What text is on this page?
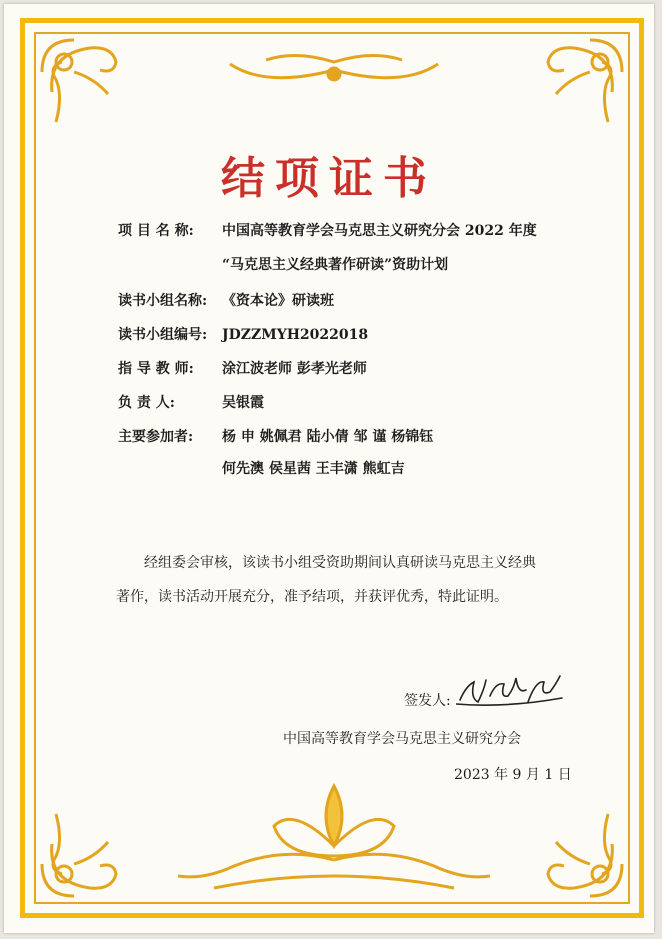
结项证书
项 目 名 称: 中国高等教育学会马克思主义研究分会 2022 年度
“马克思主义经典著作研读”资助计划
读书小组名称: 《资本论》研读班
读书小组编号: JDZZMYH2022018
指 导 教 师: 涂江波老师 彭孝光老师
负 责 人:	吴银霞
主要参加者: 杨 申 姚佩君 陆小倩 邹 谨 杨锦钰
何先澳 侯星茜 王丰潇 熊虹吉
经组委会审核，该读书小组受资助期间认真研读马克思主义经典
著作，读书活动开展充分，准予结项，并获评优秀，特此证明。
签发人:
中国高等教育学会马克思主义研究分会
2023 年 9 月 1 日
